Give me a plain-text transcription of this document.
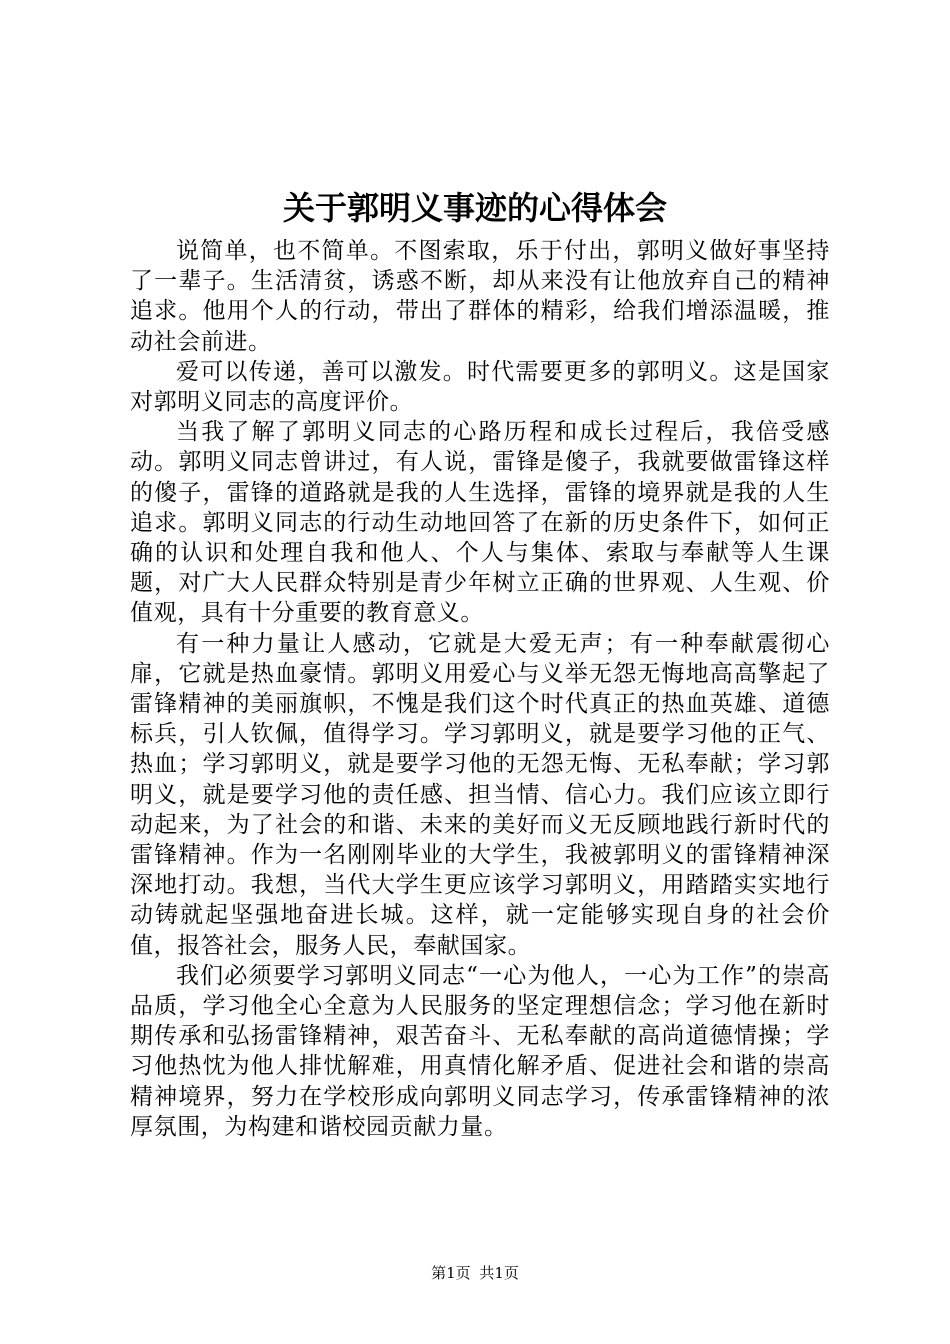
关于郭明义事迹的心得体会

说简单，也不简单。不图索取，乐于付出，郭明义做好事坚持了一辈子。生活清贫，诱惑不断，却从来没有让他放弃自己的精神追求。他用个人的行动，带出了群体的精彩，给我们增添温暖，推动社会前进。

爱可以传递，善可以激发。时代需要更多的郭明义。这是国家对郭明义同志的高度评价。

当我了解了郭明义同志的心路历程和成长过程后，我倍受感动。郭明义同志曾讲过，有人说，雷锋是傻子，我就要做雷锋这样的傻子，雷锋的道路就是我的人生选择，雷锋的境界就是我的人生追求。郭明义同志的行动生动地回答了在新的历史条件下，如何正确的认识和处理自我和他人、个人与集体、索取与奉献等人生课题，对广大人民群众特别是青少年树立正确的世界观、人生观、价值观，具有十分重要的教育意义。

有一种力量让人感动，它就是大爱无声；有一种奉献震彻心扉，它就是热血豪情。郭明义用爱心与义举无怨无悔地高高擎起了雷锋精神的美丽旗帜，不愧是我们这个时代真正的热血英雄、道德标兵，引人钦佩，值得学习。学习郭明义，就是要学习他的正气、热血；学习郭明义，就是要学习他的无怨无悔、无私奉献；学习郭明义，就是要学习他的责任感、担当情、信心力。我们应该立即行动起来，为了社会的和谐、未来的美好而义无反顾地践行新时代的雷锋精神。作为一名刚刚毕业的大学生，我被郭明义的雷锋精神深深地打动。我想，当代大学生更应该学习郭明义，用踏踏实实地行动铸就起坚强地奋进长城。这样，就一定能够实现自身的社会价值，报答社会，服务人民，奉献国家。

我们必须要学习郭明义同志“一心为他人，一心为工作”的崇高品质，学习他全心全意为人民服务的坚定理想信念；学习他在新时期传承和弘扬雷锋精神，艰苦奋斗、无私奉献的高尚道德情操；学习他热忱为他人排忧解难，用真情化解矛盾、促进社会和谐的崇高精神境界，努力在学校形成向郭明义同志学习，传承雷锋精神的浓厚氛围，为构建和谐校园贡献力量。

第1页 共1页
